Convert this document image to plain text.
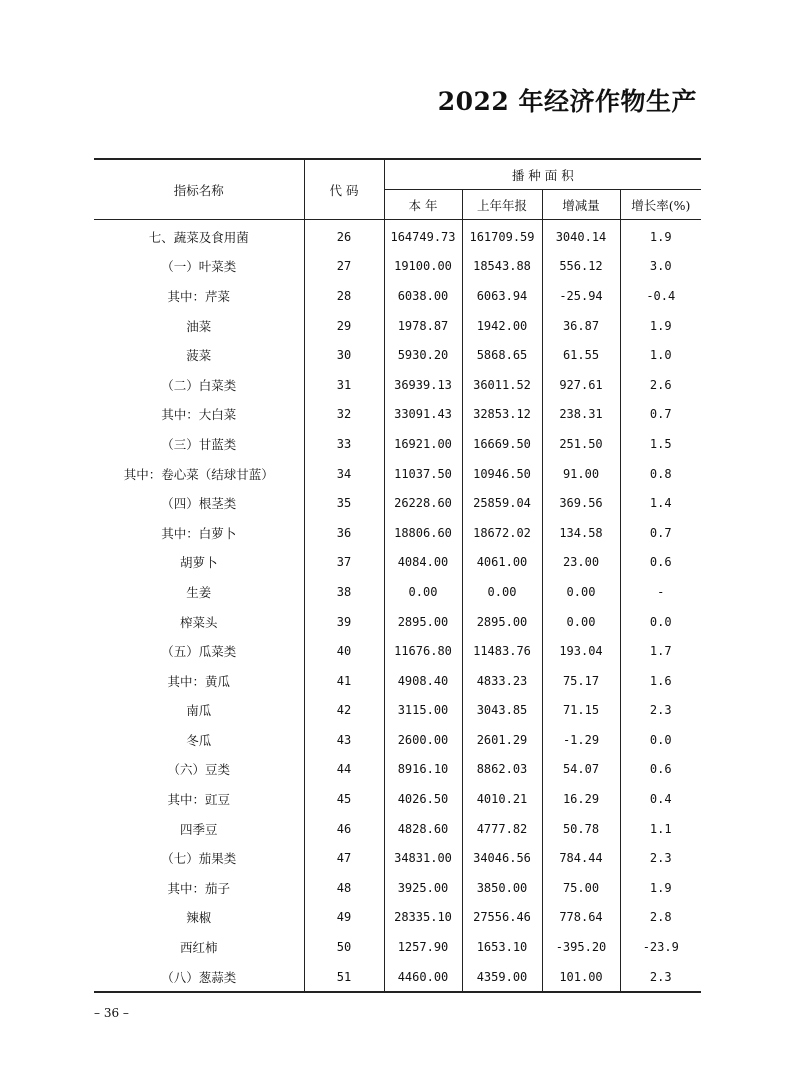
2022 年经济作物生产
指标名称	代 码	播 种 面 积			
		本 年	上年年报	增减量	增长率(%)
七、蔬菜及食用菌	26	164749.73	161709.59	3040.14	1.9
（一）叶菜类	27	19100.00	18543.88	556.12	3.0
其中：芹菜	28	6038.00	6063.94	-25.94	-0.4
油菜	29	1978.87	1942.00	36.87	1.9
菠菜	30	5930.20	5868.65	61.55	1.0
（二）白菜类	31	36939.13	36011.52	927.61	2.6
其中：大白菜	32	33091.43	32853.12	238.31	0.7
（三）甘蓝类	33	16921.00	16669.50	251.50	1.5
其中：卷心菜（结球甘蓝）	34	11037.50	10946.50	91.00	0.8
（四）根茎类	35	26228.60	25859.04	369.56	1.4
其中：白萝卜	36	18806.60	18672.02	134.58	0.7
胡萝卜	37	4084.00	4061.00	23.00	0.6
生姜	38	0.00	0.00	0.00	-
榨菜头	39	2895.00	2895.00	0.00	0.0
（五）瓜菜类	40	11676.80	11483.76	193.04	1.7
其中：黄瓜	41	4908.40	4833.23	75.17	1.6
南瓜	42	3115.00	3043.85	71.15	2.3
冬瓜	43	2600.00	2601.29	-1.29	0.0
（六）豆类	44	8916.10	8862.03	54.07	0.6
其中：豇豆	45	4026.50	4010.21	16.29	0.4
四季豆	46	4828.60	4777.82	50.78	1.1
（七）茄果类	47	34831.00	34046.56	784.44	2.3
其中：茄子	48	3925.00	3850.00	75.00	1.9
辣椒	49	28335.10	27556.46	778.64	2.8
西红柿	50	1257.90	1653.10	-395.20	-23.9
（八）葱蒜类	51	4460.00	4359.00	101.00	2.3
– 36 –
